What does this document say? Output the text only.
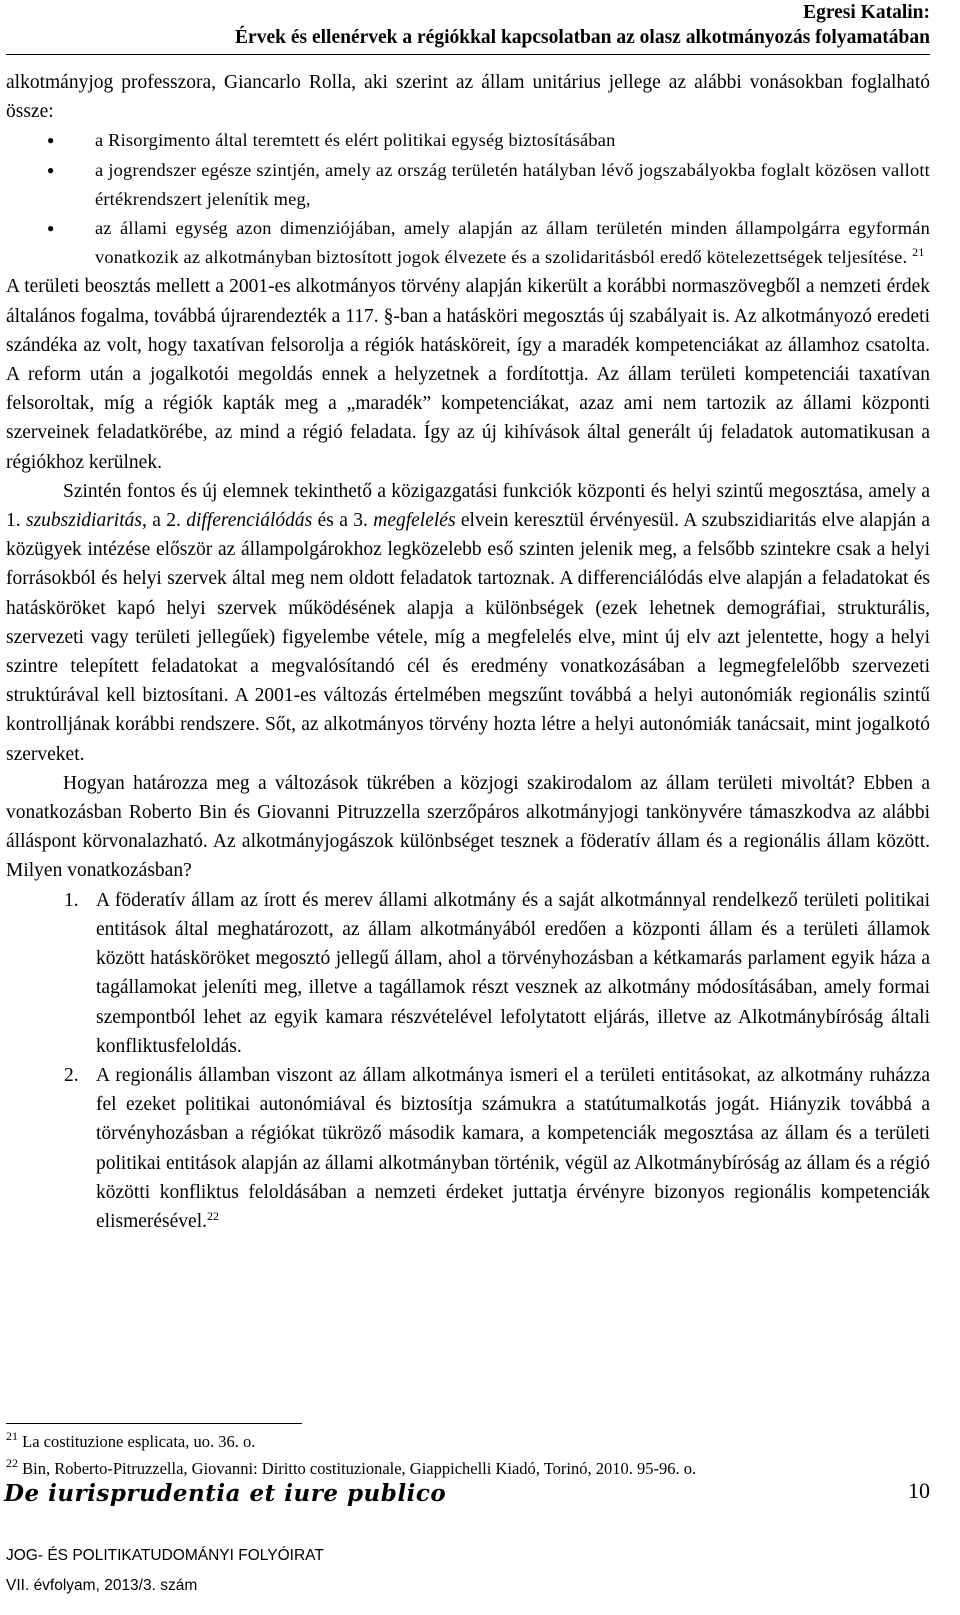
Egresi Katalin:
Érvek és ellenérvek a régiókkal kapcsolatban az olasz alkotmányozás folyamatában

alkotmányjog professzora, Giancarlo Rolla, aki szerint az állam unitárius jellege az alábbi vonásokban foglalható össze:

● a Risorgimento által teremtett és elért politikai egység biztosításában
● a jogrendszer egésze szintjén, amely az ország területén hatályban lévő jogszabályokba foglalt közösen vallott értékrendszert jelenítik meg,
● az állami egység azon dimenziójában, amely alapján az állam területén minden állampolgárra egyformán vonatkozik az alkotmányban biztosított jogok élvezete és a szolidaritásból eredő kötelezettségek teljesítése. $^{21}$

A területi beosztás mellett a 2001-es alkotmányos törvény alapján kikerült a korábbi normaszövegből a nemzeti érdek általános fogalma, továbbá újrarendezték a 117. §-ban a hatásköri megosztás új szabályait is. Az alkotmányozó eredeti szándéka az volt, hogy taxatívan felsorolja a régiók hatásköreit, így a maradék kompetenciákat az államhoz csatolta. A reform után a jogalkotói megoldás ennek a helyzetnek a fordítottja. Az állam területi kompetenciái taxatívan felsoroltak, míg a régiók kapták meg a „maradék” kompetenciákat, azaz ami nem tartozik az állami központi szerveinek feladatkörébe, az mind a régió feladata. Így az új kihívások által generált új feladatok automatikusan a régiókhoz kerülnek.

Szintén fontos és új elemnek tekinthető a közigazgatási funkciók központi és helyi szintű megosztása, amely a 1. szubszidiaritás, a 2. differenciálódás és a 3. megfelelés elvein keresztül érvényesül. A szubszidiaritás elve alapján a közügyek intézése először az állampolgárokhoz legközelebb eső szinten jelenik meg, a felsőbb szintekre csak a helyi forrásokból és helyi szervek által meg nem oldott feladatok tartoznak. A differenciálódás elve alapján a feladatokat és hatásköröket kapó helyi szervek működésének alapja a különbségek (ezek lehetnek demográfiai, strukturális, szervezeti vagy területi jellegűek) figyelembe vétele, míg a megfelelés elve, mint új elv azt jelentette, hogy a helyi szintre telepített feladatokat a megvalósítandó cél és eredmény vonatkozásában a legmegfelelőbb szervezeti struktúrával kell biztosítani. A 2001-es változás értelmében megszűnt továbbá a helyi autonómiák regionális szintű kontrolljának korábbi rendszere. Sőt, az alkotmányos törvény hozta létre a helyi autonómiák tanácsait, mint jogalkotó szerveket.

Hogyan határozza meg a változások tükrében a közjogi szakirodalom az állam területi mivoltát? Ebben a vonatkozásban Roberto Bin és Giovanni Pitruzzella szerzőpáros alkotmányjogi tankönyvére támaszkodva az alábbi álláspont körvonalazható. Az alkotmányjogászok különbséget tesznek a föderatív állam és a regionális állam között. Milyen vonatkozásban?

1. A föderatív állam az írott és merev állami alkotmány és a saját alkotmánnyal rendelkező területi politikai entitások által meghatározott, az állam alkotmányából eredően a központi állam és a területi államok között hatásköröket megosztó jellegű állam, ahol a törvényhozásban a kétkamarás parlament egyik háza a tagállamokat jeleníti meg, illetve a tagállamok részt vesznek az alkotmány módosításában, amely formai szempontból lehet az egyik kamara részvételével lefolytatott eljárás, illetve az Alkotmánybíróság általi konfliktusfeloldás.
2. A regionális államban viszont az állam alkotmánya ismeri el a területi entitásokat, az alkotmány ruházza fel ezeket politikai autonómiával és biztosítja számukra a statútumalkotás jogát. Hiányzik továbbá a törvényhozásban a régiókat tükröző második kamara, a kompetenciák megosztása az állam és a területi politikai entitások alapján az állami alkotmányban történik, végül az Alkotmánybíróság az állam és a régió közötti konfliktus feloldásában a nemzeti érdeket juttatja érvényre bizonyos regionális kompetenciák elismerésével.$^{22}$
$^{21}$ La costituzione esplicata, uo. 36. o.
$^{22}$ Bin, Roberto-Pitruzzella, Giovanni: Diritto costituzionale, Giappichelli Kiadó, Torinó, 2010. 95-96. o.
De iurisprudentia et iure publico	10
JOG- ÉS POLITIKATUDOMÁNYI FOLYÓIRAT
VII. évfolyam, 2013/3. szám
